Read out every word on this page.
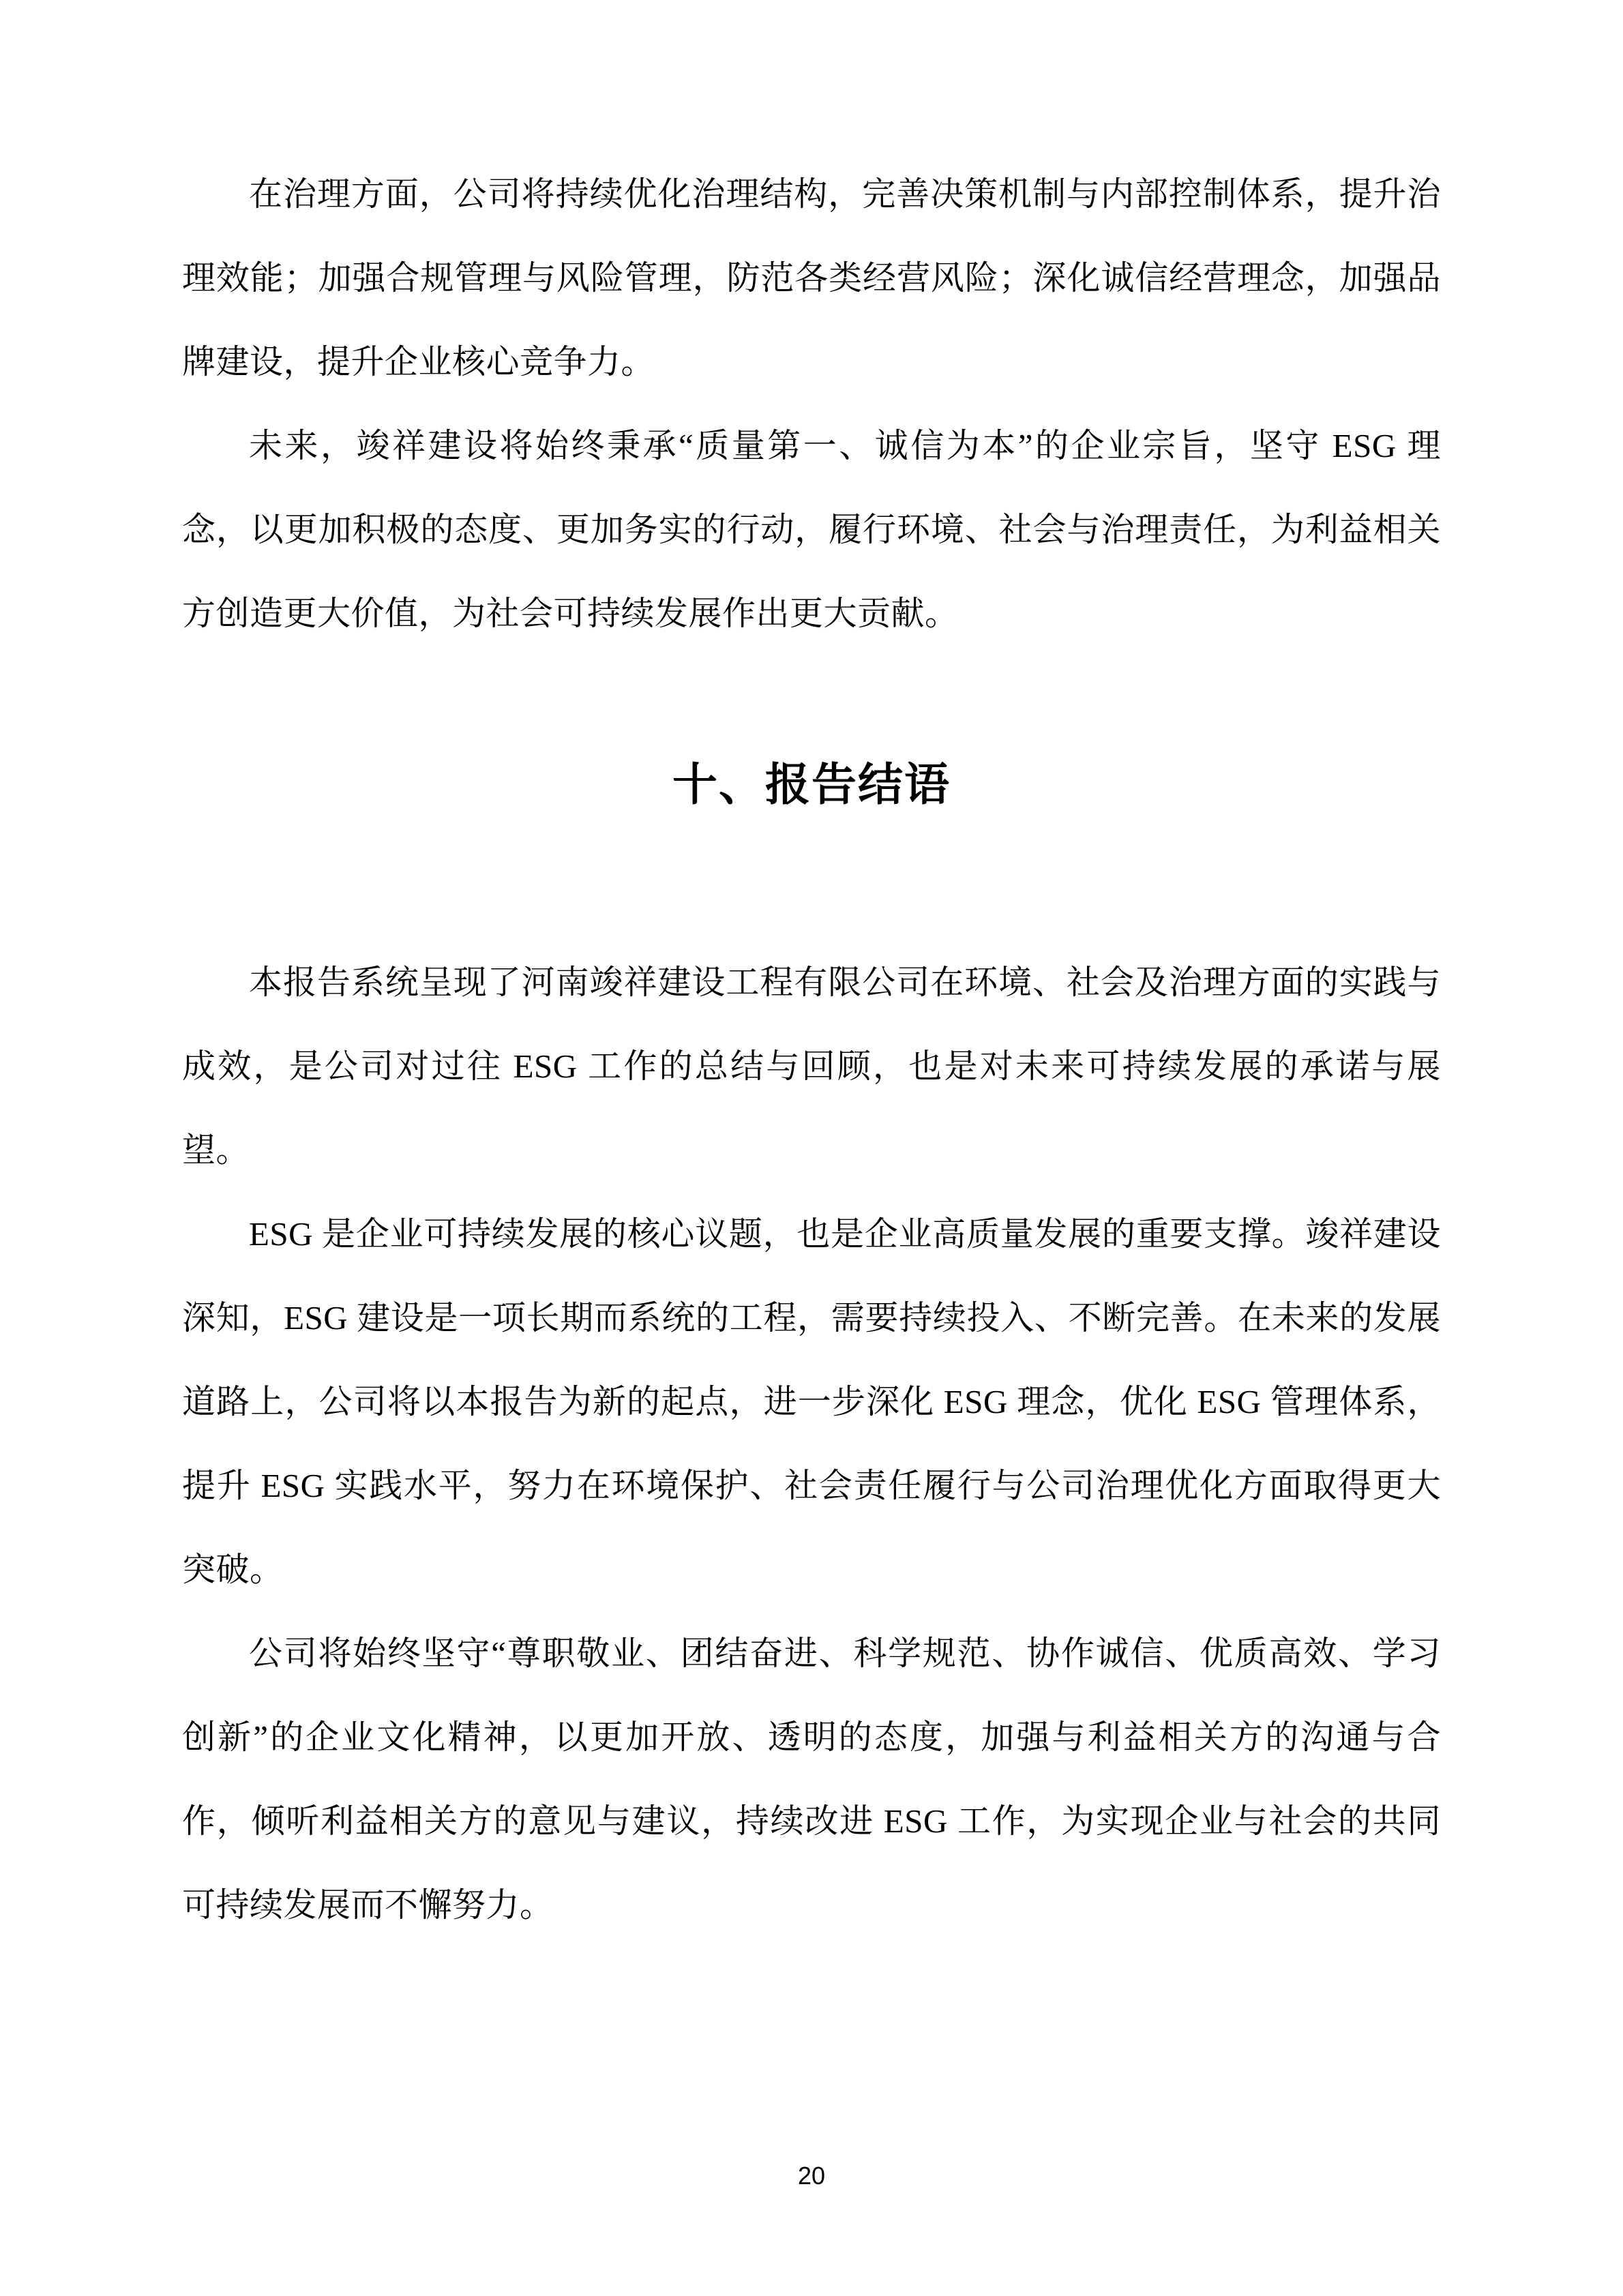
在治理方面，公司将持续优化治理结构，完善决策机制与内部控制体系，提升治理效能；加强合规管理与风险管理，防范各类经营风险；深化诚信经营理念，加强品牌建设，提升企业核心竞争力。

未来，竣祥建设将始终秉承“质量第一、诚信为本”的企业宗旨，坚守 ESG 理念，以更加积极的态度、更加务实的行动，履行环境、社会与治理责任，为利益相关方创造更大价值，为社会可持续发展作出更大贡献。

十、报告结语

本报告系统呈现了河南竣祥建设工程有限公司在环境、社会及治理方面的实践与成效，是公司对过往 ESG 工作的总结与回顾，也是对未来可持续发展的承诺与展望。

ESG 是企业可持续发展的核心议题，也是企业高质量发展的重要支撑。竣祥建设深知，ESG 建设是一项长期而系统的工程，需要持续投入、不断完善。在未来的发展道路上，公司将以本报告为新的起点，进一步深化 ESG 理念，优化 ESG 管理体系，提升 ESG 实践水平，努力在环境保护、社会责任履行与公司治理优化方面取得更大突破。

公司将始终坚守“尊职敬业、团结奋进、科学规范、协作诚信、优质高效、学习创新”的企业文化精神，以更加开放、透明的态度，加强与利益相关方的沟通与合作，倾听利益相关方的意见与建议，持续改进 ESG 工作，为实现企业与社会的共同可持续发展而不懈努力。

20
